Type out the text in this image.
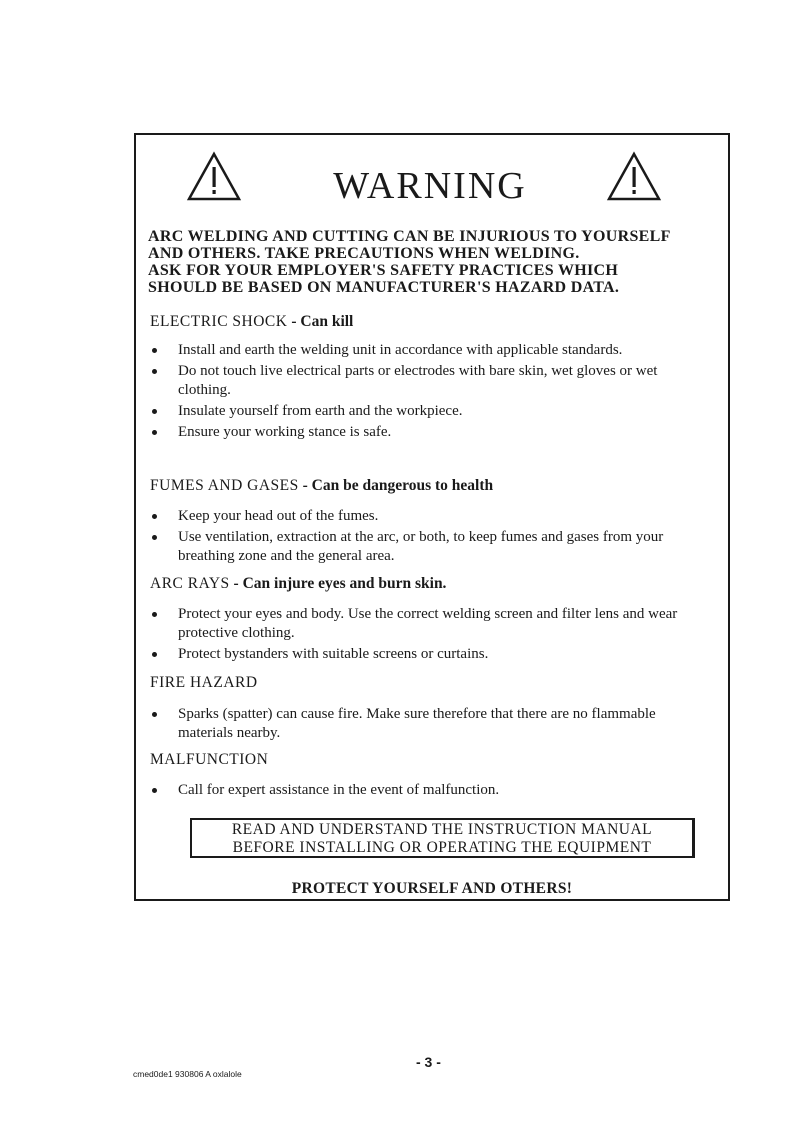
WARNING
ARC WELDING AND CUTTING CAN BE INJURIOUS TO YOURSELF
AND OTHERS. TAKE PRECAUTIONS WHEN WELDING.
ASK FOR YOUR EMPLOYER'S SAFETY PRACTICES WHICH
SHOULD BE BASED ON MANUFACTURER'S HAZARD DATA.
ELECTRIC SHOCK - Can kill
Install and earth the welding unit in accordance with applicable standards.
Do not touch live electrical parts or electrodes with bare skin, wet gloves or wet clothing.
Insulate yourself from earth and the workpiece.
Ensure your working stance is safe.
FUMES AND GASES - Can be dangerous to health
Keep your head out of the fumes.
Use ventilation, extraction at the arc, or both, to keep fumes and gases from your breathing zone and the general area.
ARC RAYS - Can injure eyes and burn skin.
Protect your eyes and body. Use the correct welding screen and filter lens and wear protective clothing.
Protect bystanders with suitable screens or curtains.
FIRE HAZARD
Sparks (spatter) can cause fire. Make sure therefore that there are no flammable materials nearby.
MALFUNCTION
Call for expert assistance in the event of malfunction.
READ AND UNDERSTAND THE INSTRUCTION MANUAL
BEFORE INSTALLING OR OPERATING THE EQUIPMENT
PROTECT YOURSELF AND OTHERS!
- 3 -
cmed0de1 930806 A oxlalole
